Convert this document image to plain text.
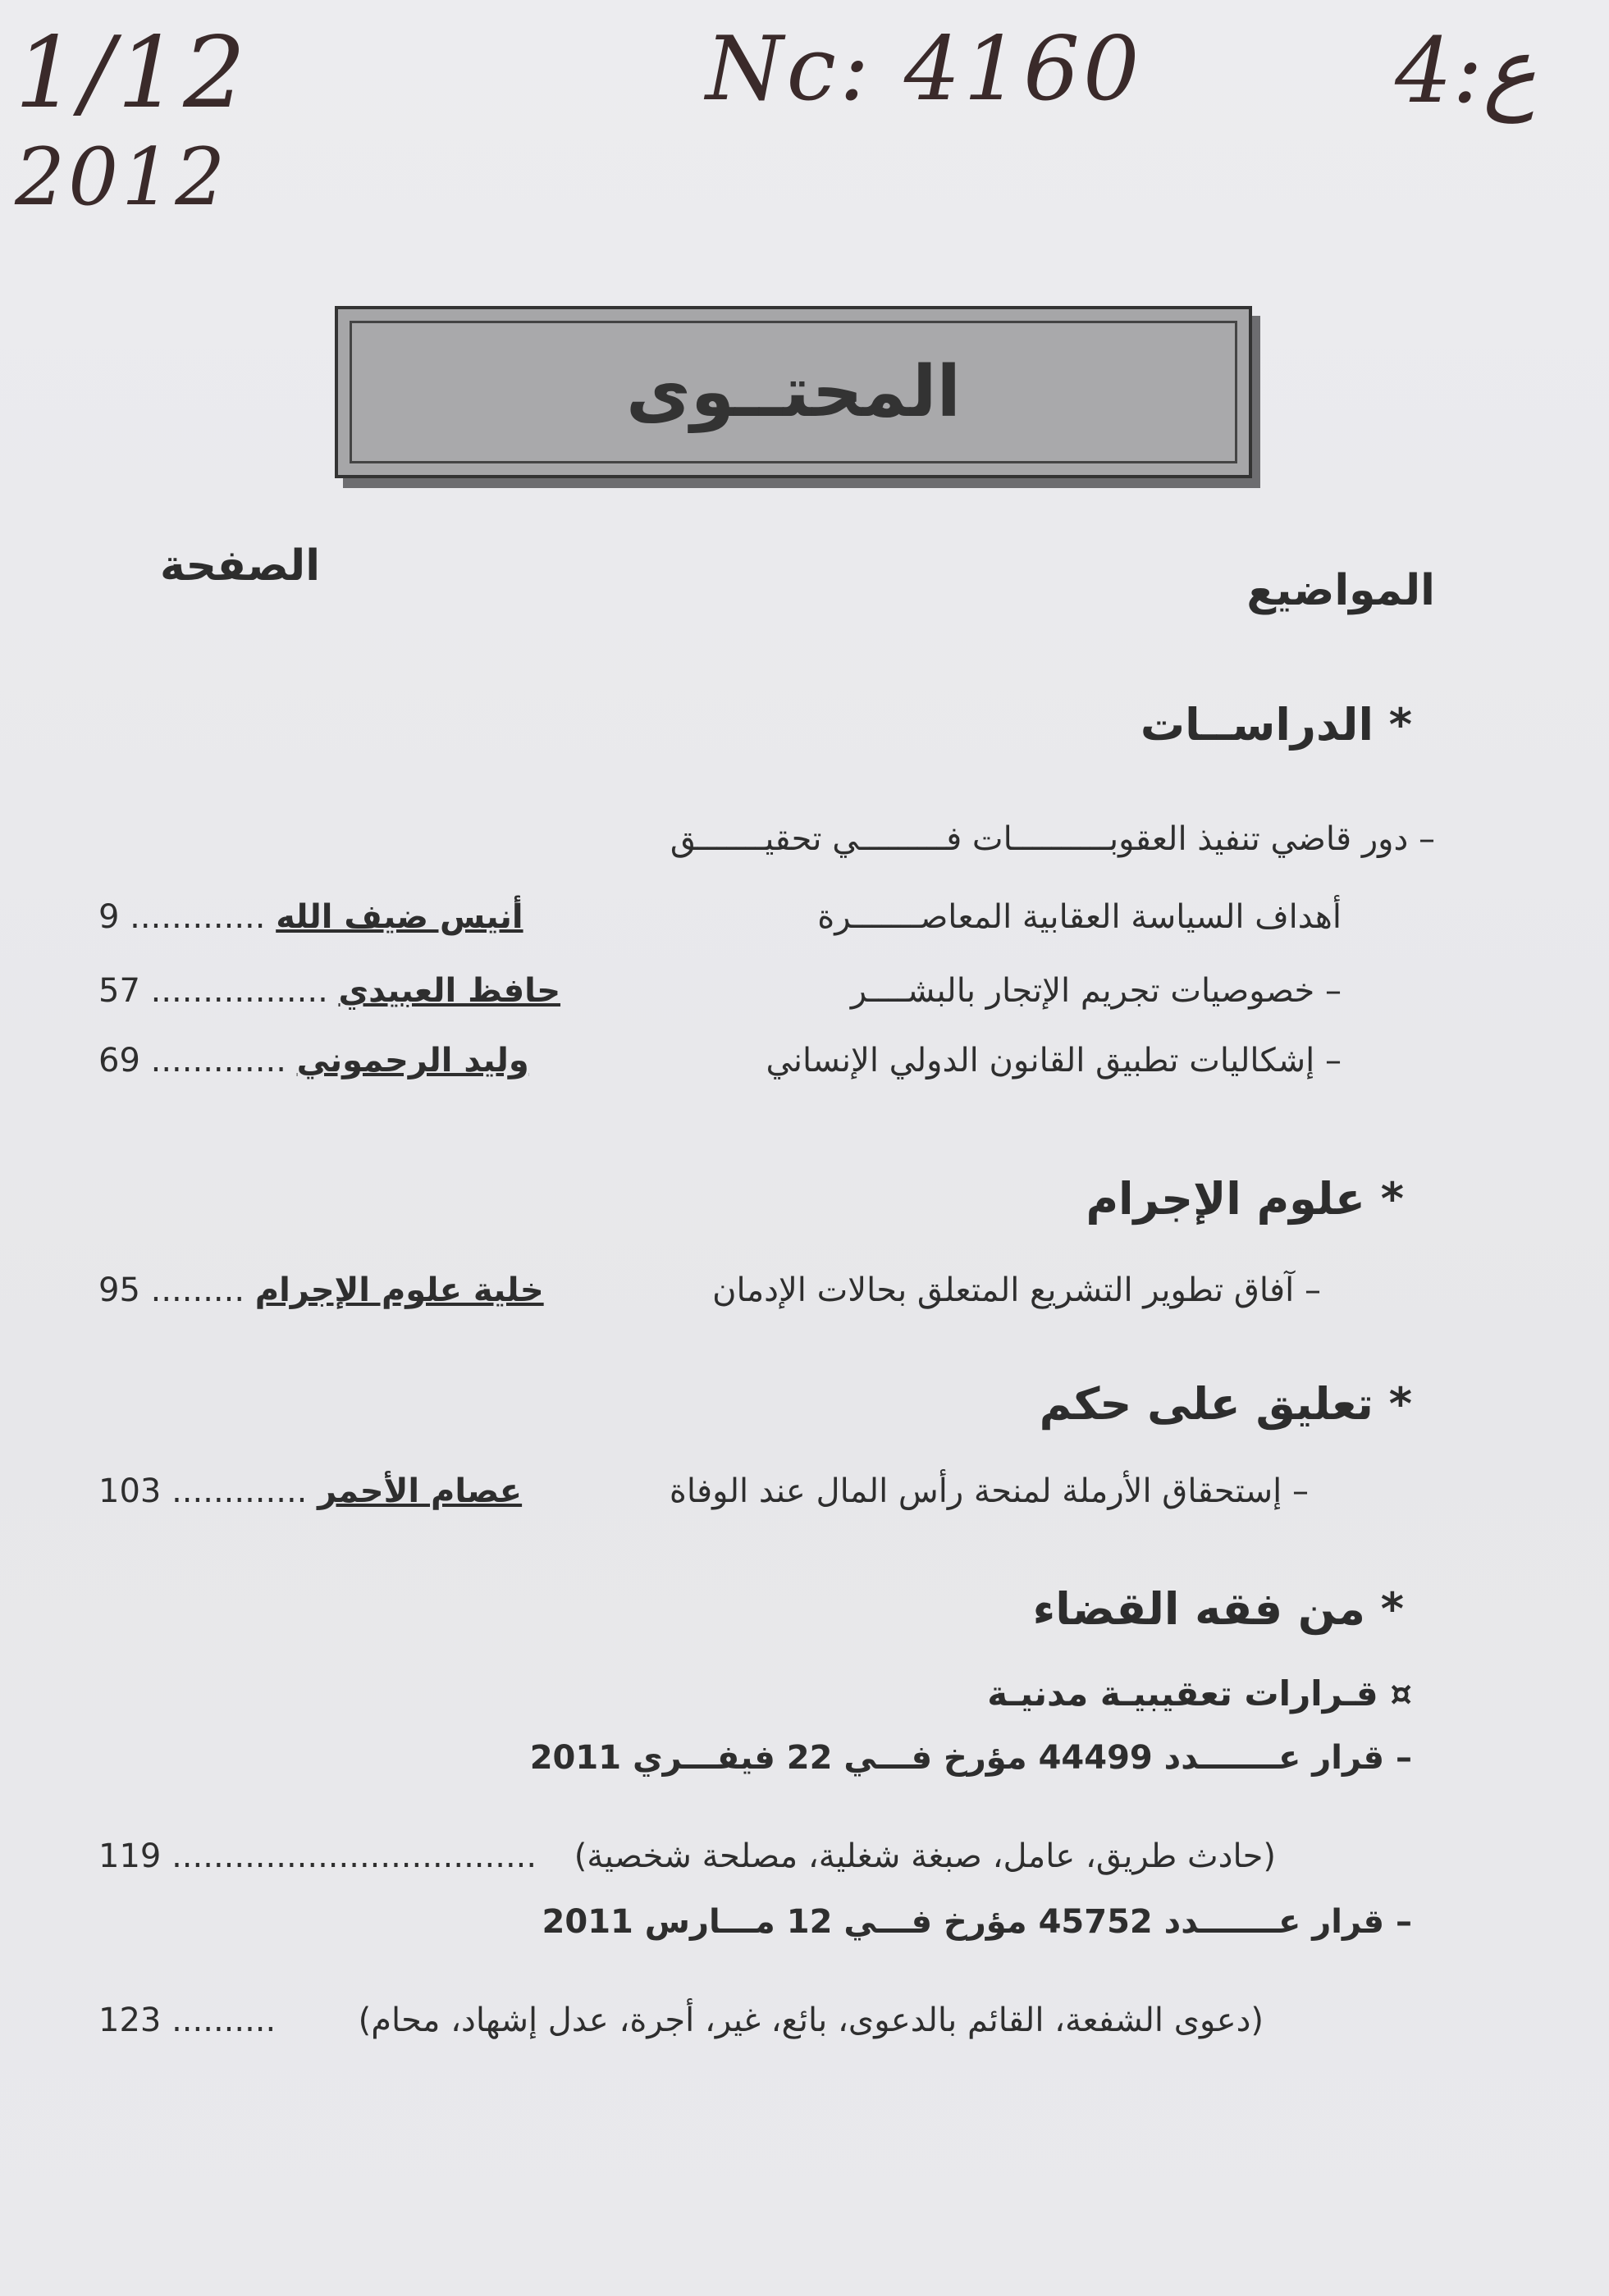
1/12
2012
Nc: 4160	4:ع
المحتــوى
المواضيع
الصفحة
* الدراســات
– دور قاضي تنفيذ العقوبــــــــــات فـــــــــي تحقيـــــــق
أهداف السياسة العقابية المعاصـــــــرة
9 ............. أنيس ضيف الله
– خصوصيات تجريم الإتجار بالبشــــر
57 ................. حافظ العبيدي
– إشكاليات تطبيق القانون الدولي الإنساني
69 ............. وليد الرحموني
* علوم الإجرام
– آفاق تطوير التشريع المتعلق بحالات الإدمان
95 ......... خلية علوم الإجرام
* تعليق على حكم
– إستحقاق الأرملة لمنحة رأس المال عند الوفاة
103 ............. عصام الأحمر
* من فقه القضاء
¤ قـرارات تعقيبيـة مدنيـة
– قرار عـــــــدد 44499 مؤرخ فـــي 22 فيفـــري 2011
(حادث طريق، عامل، صبغة شغلية، مصلحة شخصية)
119 ...................................
– قرار عـــــــدد 45752 مؤرخ فـــي 12 مـــارس 2011
(دعوى الشفعة، القائم بالدعوى، بائع، غير، أجرة، عدل إشهاد، محام)
123 ..........
